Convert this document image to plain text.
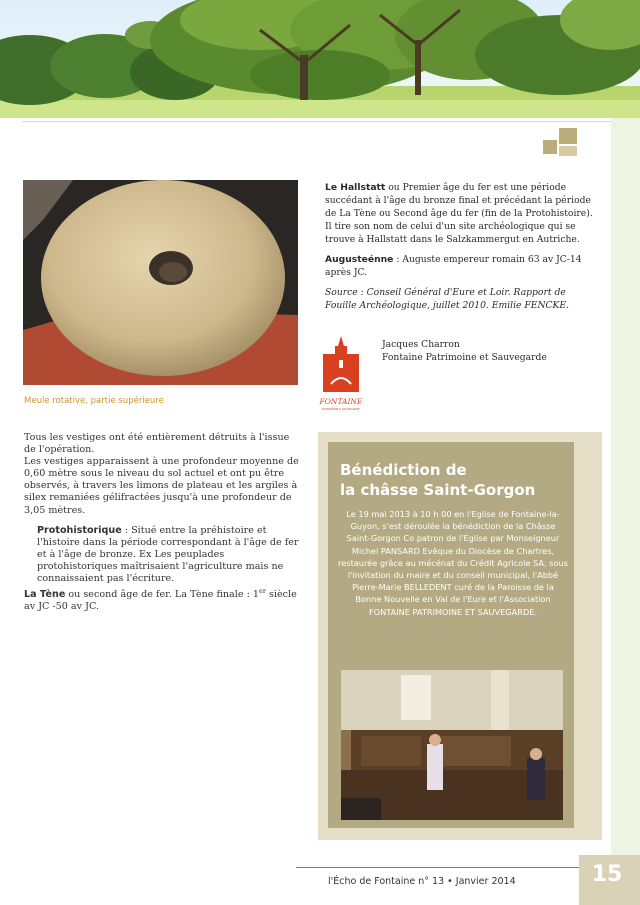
Meule rotative, partie supérieure

Le Hallstatt ou Premier âge du fer est une période succédant à l'âge du bronze final et précédant la période de La Tène ou Second âge du fer (fin de la Protohistoire). Il tire son nom de celui d'un site archéologique qui se trouve à Hallstatt dans le Salzkammergut en Autriche.

Augusteénne : Auguste empereur romain 63 av JC-14 après JC.

Source : Conseil Général d'Eure et Loir. Rapport de Fouille Archéologique, juillet 2010. Emilie FENCKE.

FONTAINE
PATRIMOINE & SAUVEGARDE
Jacques Charron
Fontaine Patrimoine et Sauvegarde

Tous les vestiges ont été entièrement détruits à l'issue de l'opération.

Les vestiges apparaissent à une profondeur moyenne de 0,60 mètre sous le niveau du sol actuel et ont pu être observés, à travers les limons de plateau et les argiles à silex remaniées gélifractées jusqu'à une profondeur de 3,05 mètres.

Protohistorique : Situé entre la préhistoire et l'histoire dans la période correspondant à l'âge de fer et à l'âge de bronze. Ex Les peuplades protohistoriques maîtrisaient l'agriculture mais ne connaissaient pas l'écriture.

La Tène ou second âge de fer. La Tène finale : 1er siècle av JC -50 av JC.

Bénédiction de
la châsse Saint-Gorgon
Le 19 mai 2013 à 10 h 00 en l'Eglise de Fontaine-la-Guyon, s'est déroulée la bénédiction de la Châsse Saint-Gorgon Co patron de l'Eglise par Monseigneur Michel PANSARD Evêque du Diocèse de Chartres, restaurée grâce au mécénat du Crédit Agricole SA, sous l'invitation du maire et du conseil municipal, l'Abbé Pierre-Marie BELLEDENT curé de la Paroisse de la Bonne Nouvelle en Val de l'Eure et l'Association FONTAINE PATRIMOINE ET SAUVEGARDE.
l'Écho de Fontaine n° 13 • Janvier 2014	15
